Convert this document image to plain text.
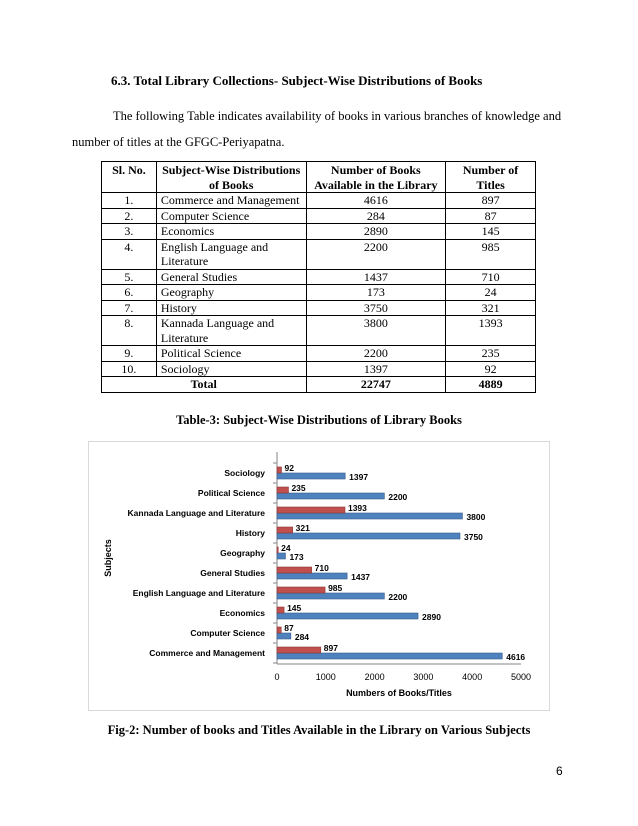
6.3. Total Library Collections- Subject-Wise Distributions of Books

The following Table indicates availability of books in various branches of knowledge and number of titles at the GFGC-Periyapatna.

Sl. No.	Subject-Wise Distributions of Books	Number of Books Available in the Library	Number of Titles
1.	Commerce and Management	4616	897
2.	Computer Science	284	87
3.	Economics	2890	145
4.	English Language and Literature	2200	985
5.	General Studies	1437	710
6.	Geography	173	24
7.	History	3750	321
8.	Kannada Language and Literature	3800	1393
9.	Political Science	2200	235
10.	Sociology	1397	92
Total		22747	4889
Table-3: Subject-Wise Distributions of Library Books
0	1000	2000	3000	4000	5000
Commerce and Management	4616
897
Computer Science	284
87
Economics	2890
145
English Language and Literature	2200
985
General Studies	1437
710
Geography	173
24
History	3750
321
Kannada Language and Literature	3800
1393
Political Science	2200
235
Sociology	1397
92
Numbers of Books/Titles
Subjects
Fig-2: Number of books and Titles Available in the Library on Various Subjects
6
